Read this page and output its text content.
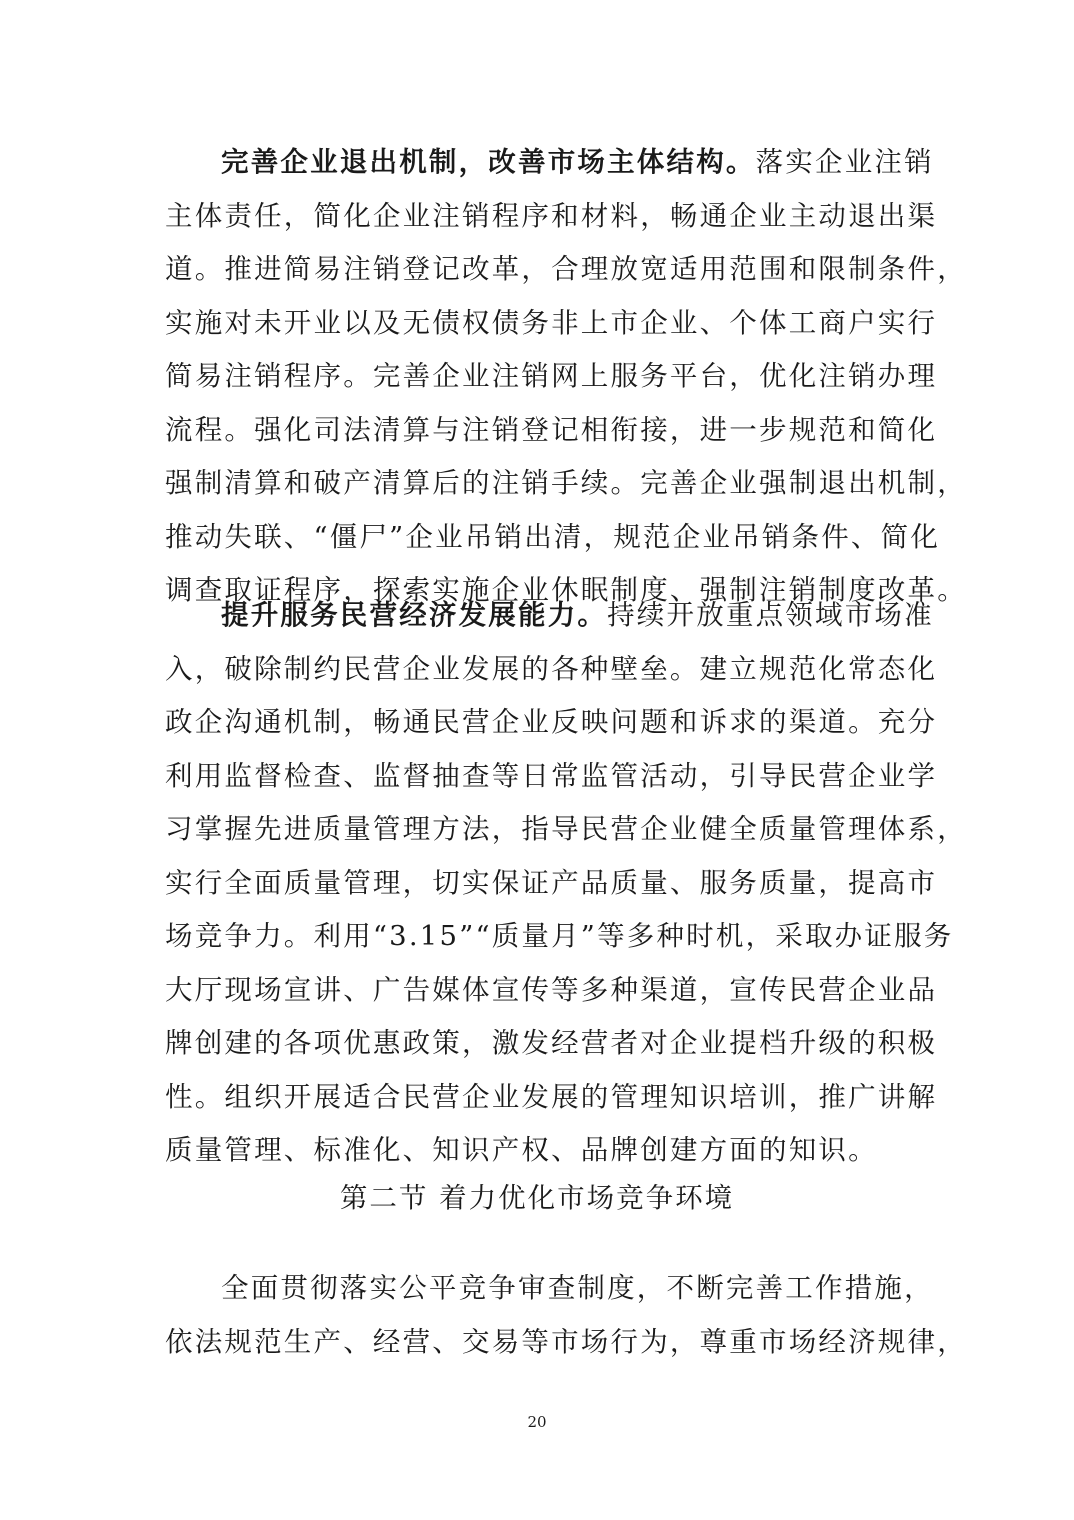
完善企业退出机制，改善市场主体结构。落实企业注销
主体责任，简化企业注销程序和材料，畅通企业主动退出渠
道。推进简易注销登记改革，合理放宽适用范围和限制条件，
实施对未开业以及无债权债务非上市企业、个体工商户实行
简易注销程序。完善企业注销网上服务平台，优化注销办理
流程。强化司法清算与注销登记相衔接，进一步规范和简化
强制清算和破产清算后的注销手续。完善企业强制退出机制，
推动失联、“僵尸”企业吊销出清，规范企业吊销条件、简化
调查取证程序，探索实施企业休眠制度、强制注销制度改革。
提升服务民营经济发展能力。持续开放重点领域市场准
入，破除制约民营企业发展的各种壁垒。建立规范化常态化
政企沟通机制，畅通民营企业反映问题和诉求的渠道。充分
利用监督检查、监督抽查等日常监管活动，引导民营企业学
习掌握先进质量管理方法，指导民营企业健全质量管理体系，
实行全面质量管理，切实保证产品质量、服务质量，提高市
场竞争力。利用“3.15”“质量月”等多种时机，采取办证服务
大厅现场宣讲、广告媒体宣传等多种渠道，宣传民营企业品
牌创建的各项优惠政策，激发经营者对企业提档升级的积极
性。组织开展适合民营企业发展的管理知识培训，推广讲解
质量管理、标准化、知识产权、品牌创建方面的知识。
第二节 着力优化市场竞争环境
全面贯彻落实公平竞争审查制度，不断完善工作措施，
依法规范生产、经营、交易等市场行为，尊重市场经济规律，
20
